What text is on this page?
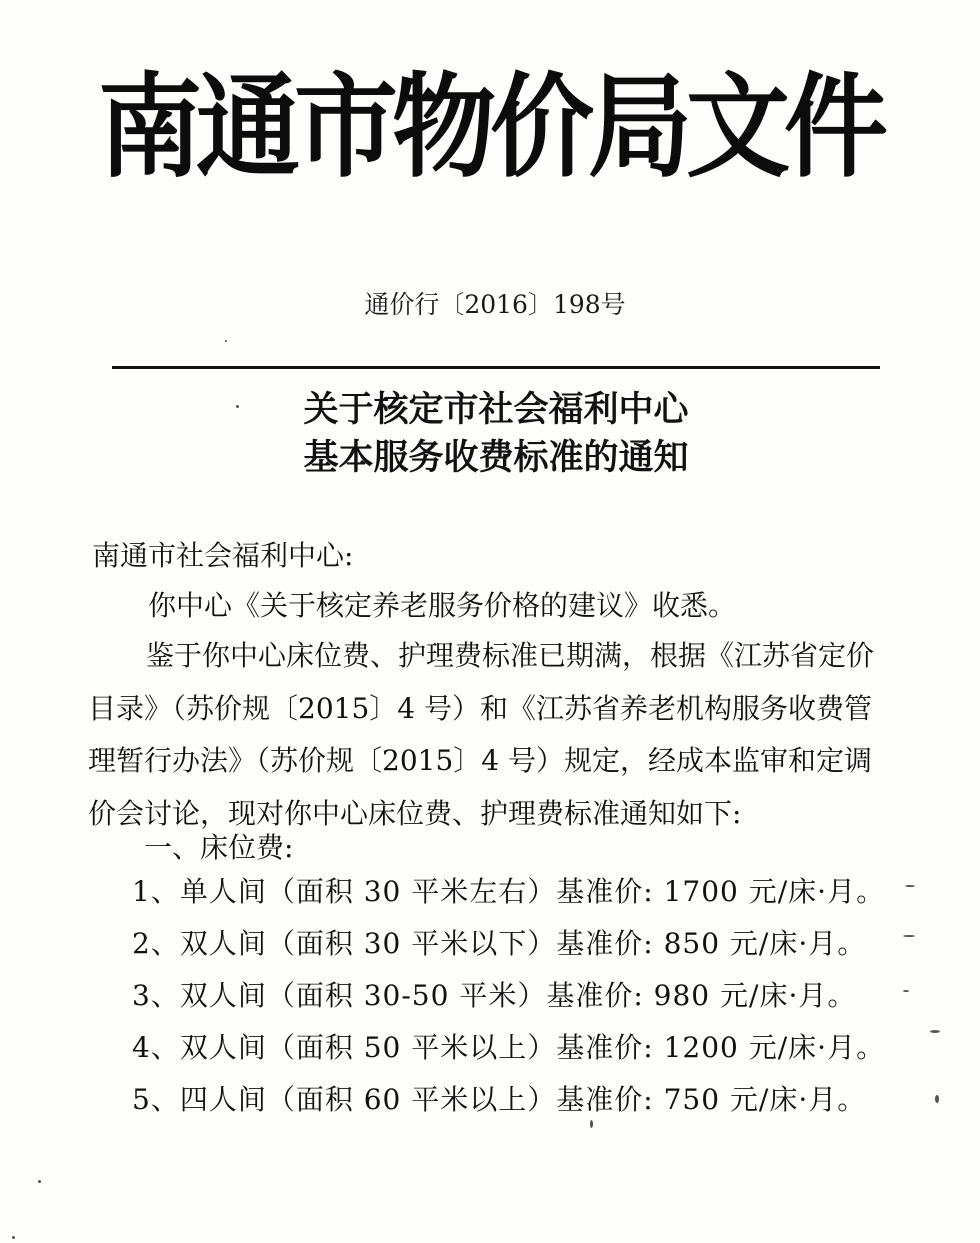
南通市物价局文件
通价行〔2016〕198号
关于核定市社会福利中心
基本服务收费标准的通知
南通市社会福利中心:
你中心《关于核定养老服务价格的建议》收悉。
鉴于你中心床位费、护理费标准已期满，根据《江苏省定价
目录》（苏价规〔2015〕4 号）和《江苏省养老机构服务收费管
理暂行办法》（苏价规〔2015〕4 号）规定，经成本监审和定调
价会讨论，现对你中心床位费、护理费标准通知如下:
一、床位费:
1、单人间（面积 30 平米左右）基准价: 1700 元/床·月。
2、双人间（面积 30 平米以下）基准价: 850 元/床·月。
3、双人间（面积 30-50 平米）基准价: 980 元/床·月。
4、双人间（面积 50 平米以上）基准价: 1200 元/床·月。
5、四人间（面积 60 平米以上）基准价: 750 元/床·月。
